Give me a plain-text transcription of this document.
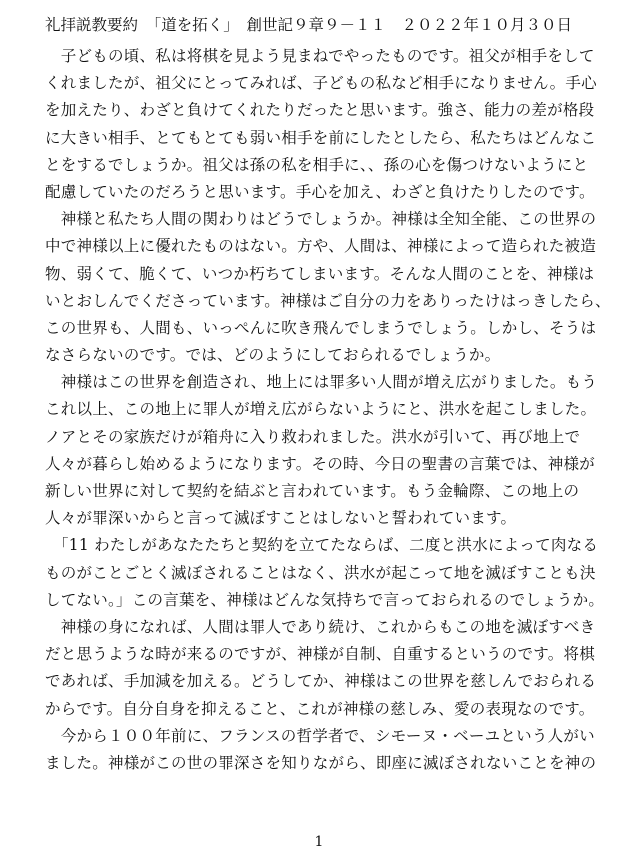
礼拝説教要約　「道を拓く」　創世記９章９－１１　２０２２年１０月３０日
　子どもの頃、私は将棋を見よう見まねでやったものです。祖父が相手をして
くれましたが、祖父にとってみれば、子どもの私など相手になりません。手心
を加えたり、わざと負けてくれたりだったと思います。強さ、能力の差が格段
に大きい相手、とてもとても弱い相手を前にしたとしたら、私たちはどんなこ
とをするでしょうか。祖父は孫の私を相手に、、孫の心を傷つけないようにと
配慮していたのだろうと思います。手心を加え、わざと負けたりしたのです。
　神様と私たち人間の関わりはどうでしょうか。神様は全知全能、この世界の
中で神様以上に優れたものはない。方や、人間は、神様によって造られた被造
物、弱くて、脆くて、いつか朽ちてしまいます。そんな人間のことを、神様は
いとおしんでくださっています。神様はご自分の力をありったけはっきしたら、
この世界も、人間も、いっぺんに吹き飛んでしまうでしょう。しかし、そうは
なさらないのです。では、どのようにしておられるでしょうか。
　神様はこの世界を創造され、地上には罪多い人間が増え広がりました。もう
これ以上、この地上に罪人が増え広がらないようにと、洪水を起こしました。
ノアとその家族だけが箱舟に入り救われました。洪水が引いて、再び地上で
人々が暮らし始めるようになります。その時、今日の聖書の言葉では、神様が
新しい世界に対して契約を結ぶと言われています。もう金輪際、この地上の
人々が罪深いからと言って滅ぼすことはしないと誓われています。
　「11 わたしがあなたたちと契約を立てたならば、二度と洪水によって肉なる
ものがことごとく滅ぼされることはなく、洪水が起こって地を滅ぼすことも決
してない。」この言葉を、神様はどんな気持ちで言っておられるのでしょうか。
　神様の身になれば、人間は罪人であり続け、これからもこの地を滅ぼすべき
だと思うような時が来るのですが、神様が自制、自重するというのです。将棋
であれば、手加減を加える。どうしてか、神様はこの世界を慈しんでおられる
からです。自分自身を抑えること、これが神様の慈しみ、愛の表現なのです。
　今から１００年前に、フランスの哲学者で、シモーヌ・ベーユという人がい
ました。神様がこの世の罪深さを知りながら、即座に滅ぼされないことを神の
1
